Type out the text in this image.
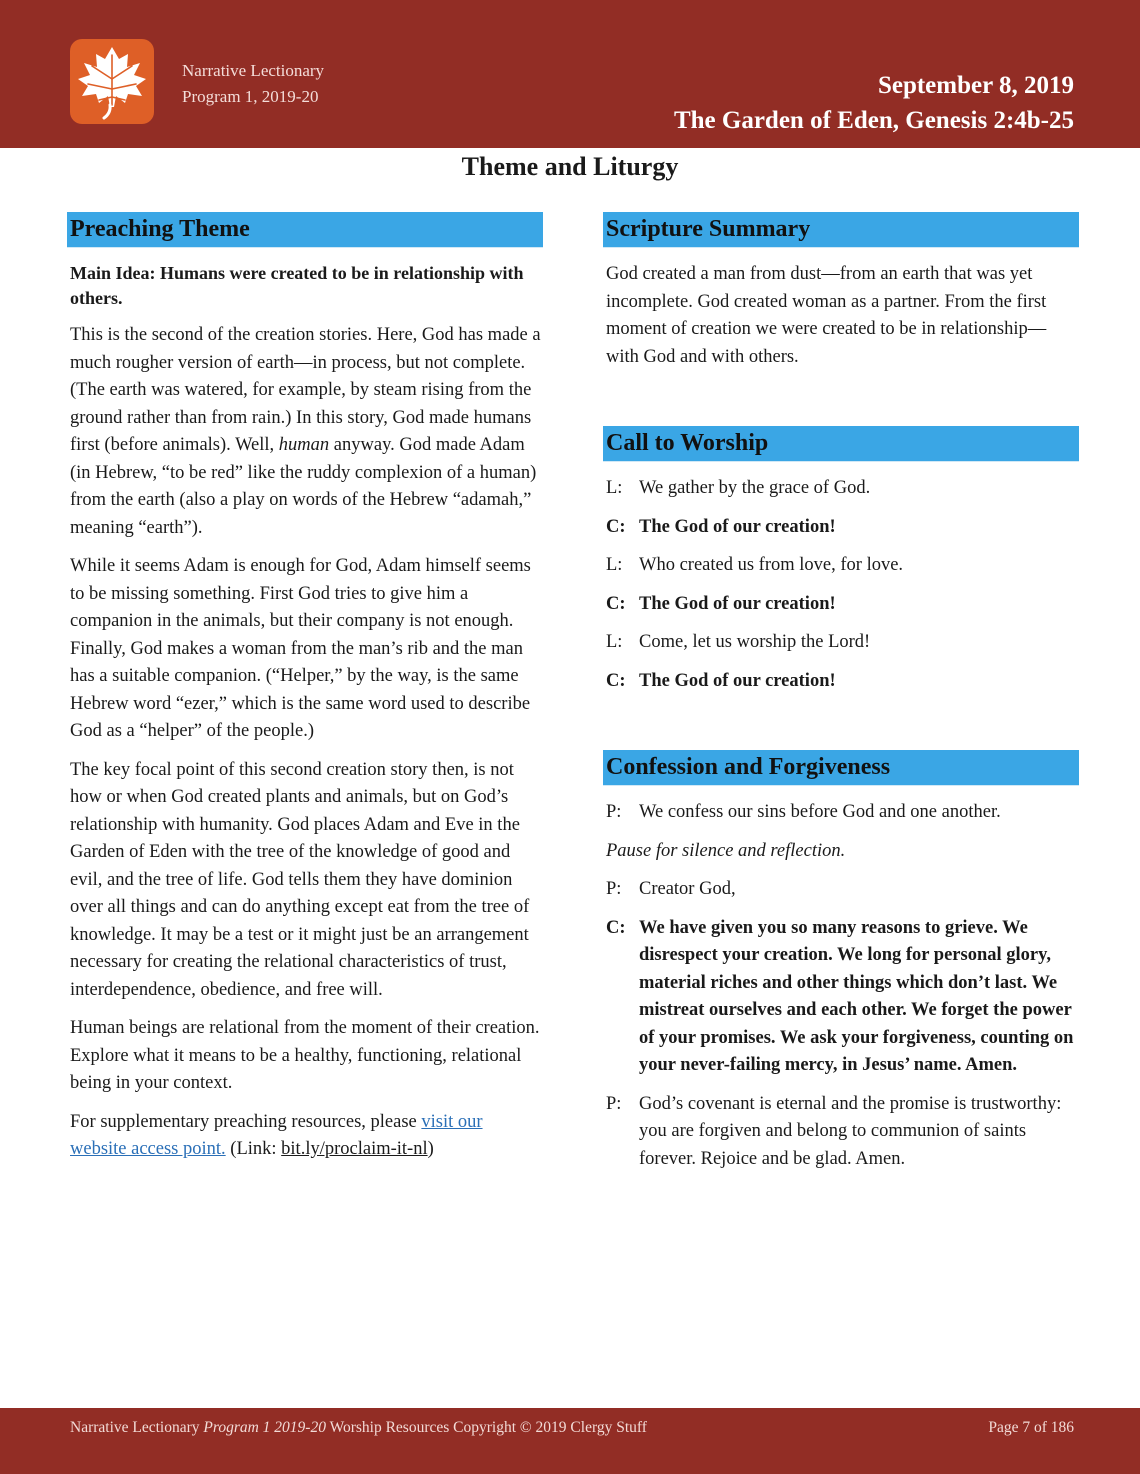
Narrative Lectionary
Program 1, 2019-20	September 8, 2019
The Garden of Eden, Genesis 2:4b-25
Theme and Liturgy
Preaching Theme

Main Idea: Humans were created to be in relationship with others.

This is the second of the creation stories. Here, God has made a much rougher version of earth—in process, but not complete. (The earth was watered, for example, by steam rising from the ground rather than from rain.) In this story, God made humans first (before animals). Well, human anyway. God made Adam (in Hebrew, “to be red” like the ruddy complexion of a human) from the earth (also a play on words of the Hebrew “adamah,” meaning “earth”).

While it seems Adam is enough for God, Adam himself seems to be missing something. First God tries to give him a companion in the animals, but their company is not enough. Finally, God makes a woman from the man’s rib and the man has a suitable companion. (“Helper,” by the way, is the same Hebrew word “ezer,” which is the same word used to describe God as a “helper” of the people.)

The key focal point of this second creation story then, is not how or when God created plants and animals, but on God’s relationship with humanity. God places Adam and Eve in the Garden of Eden with the tree of the knowledge of good and evil, and the tree of life. God tells them they have dominion over all things and can do anything except eat from the tree of knowledge. It may be a test or it might just be an arrangement necessary for creating the relational characteristics of trust, interdependence, obedience, and free will.

Human beings are relational from the moment of their creation. Explore what it means to be a healthy, functioning, relational being in your context.

For supplementary preaching resources, please visit our website access point. (Link: bit.ly/proclaim-it-nl)

Scripture Summary

God created a man from dust—from an earth that was yet incomplete. God created woman as a partner. From the first moment of creation we were created to be in relationship—with God and with others.

Call to Worship
L: We gather by the grace of God.
C: The God of our creation!
L: Who created us from love, for love.
C: The God of our creation!
L: Come, let us worship the Lord!
C: The God of our creation!
Confession and Forgiveness
P: We confess our sins before God and one another.

Pause for silence and reflection.

P: Creator God,
C: We have given you so many reasons to grieve. We disrespect your creation. We long for personal glory, material riches and other things which don’t last. We mistreat ourselves and each other. We forget the power of your promises. We ask your forgiveness, counting on your never-failing mercy, in Jesus’ name. Amen.
P: God’s covenant is eternal and the promise is trustworthy: you are forgiven and belong to communion of saints forever. Rejoice and be glad. Amen.
Narrative Lectionary Program 1 2019-20 Worship Resources Copyright © 2019 Clergy Stuff	Page 7 of 186
